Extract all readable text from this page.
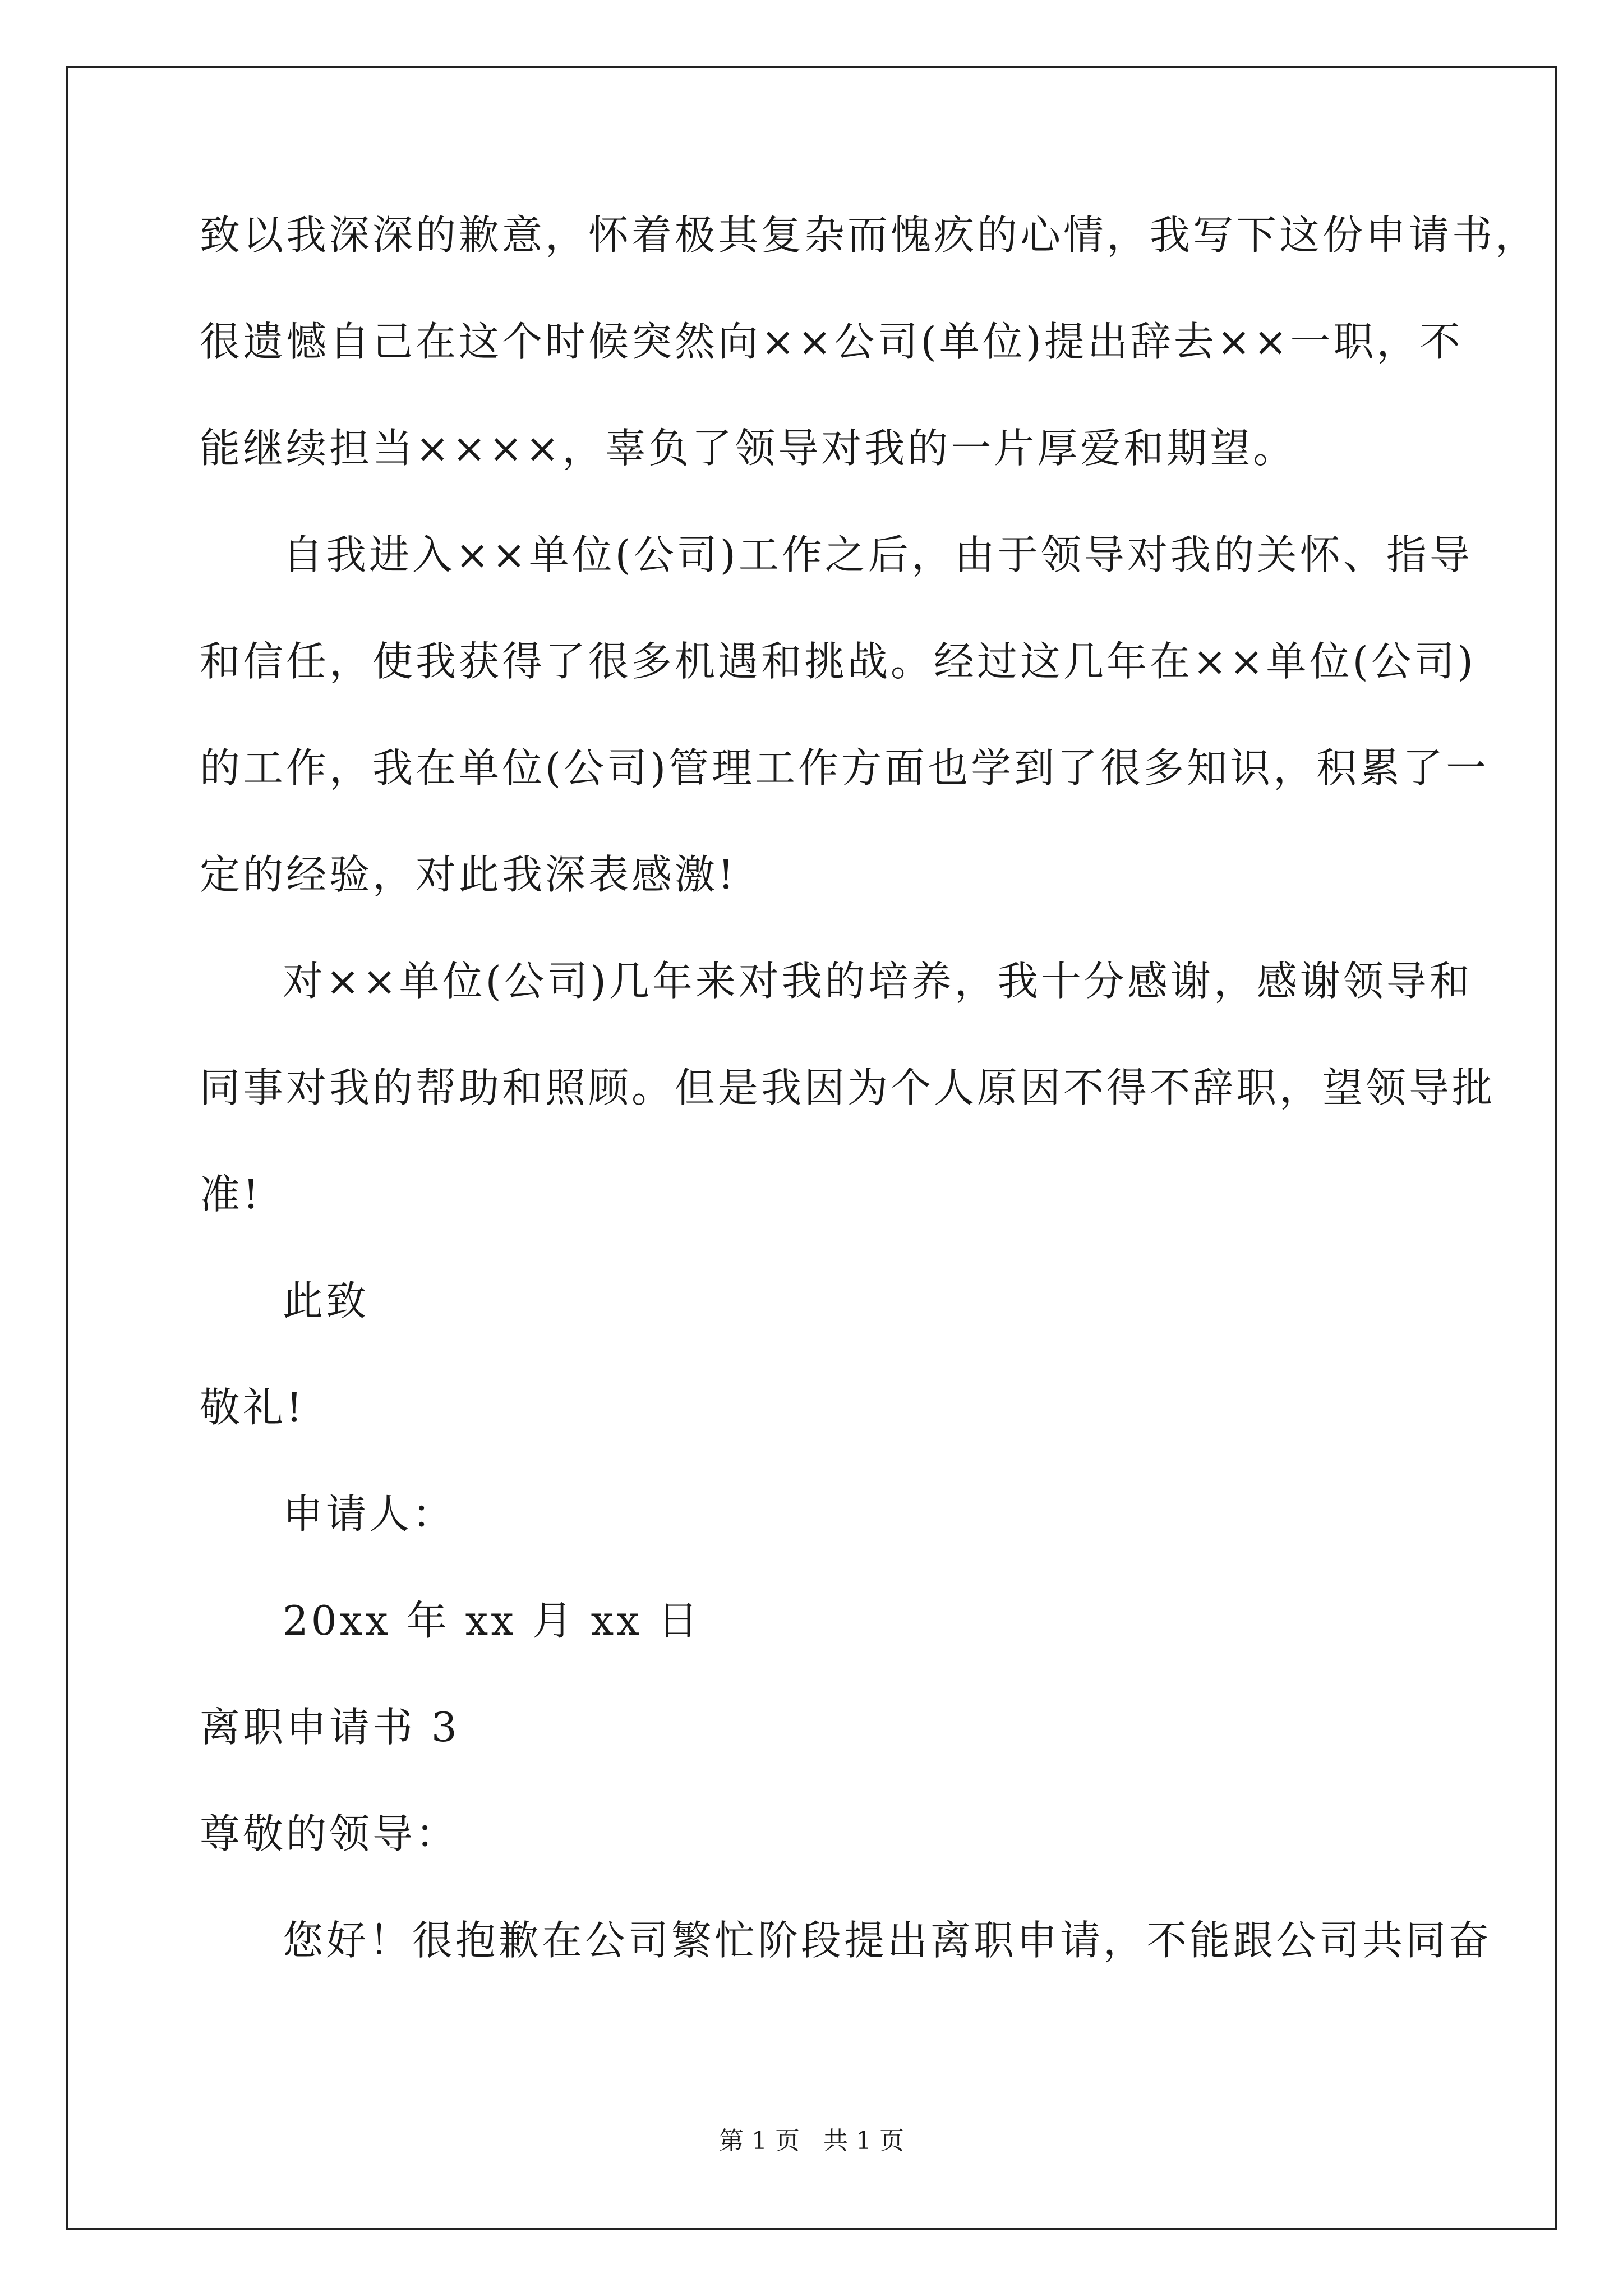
致以我深深的歉意，怀着极其复杂而愧疚的心情，我写下这份申请书，
很遗憾自己在这个时候突然向××公司(单位)提出辞去××一职，不
能继续担当××××，辜负了领导对我的一片厚爱和期望。
自我进入××单位(公司)工作之后，由于领导对我的关怀、指导
和信任，使我获得了很多机遇和挑战。经过这几年在××单位(公司)
的工作，我在单位(公司)管理工作方面也学到了很多知识，积累了一
定的经验，对此我深表感激!
对××单位(公司)几年来对我的培养，我十分感谢，感谢领导和
同事对我的帮助和照顾。但是我因为个人原因不得不辞职，望领导批
准!
此致
敬礼!
申请人：
20xx 年 xx 月 xx 日
离职申请书 3
尊敬的领导：
您好！很抱歉在公司繁忙阶段提出离职申请，不能跟公司共同奋
第 1 页   共 1 页
